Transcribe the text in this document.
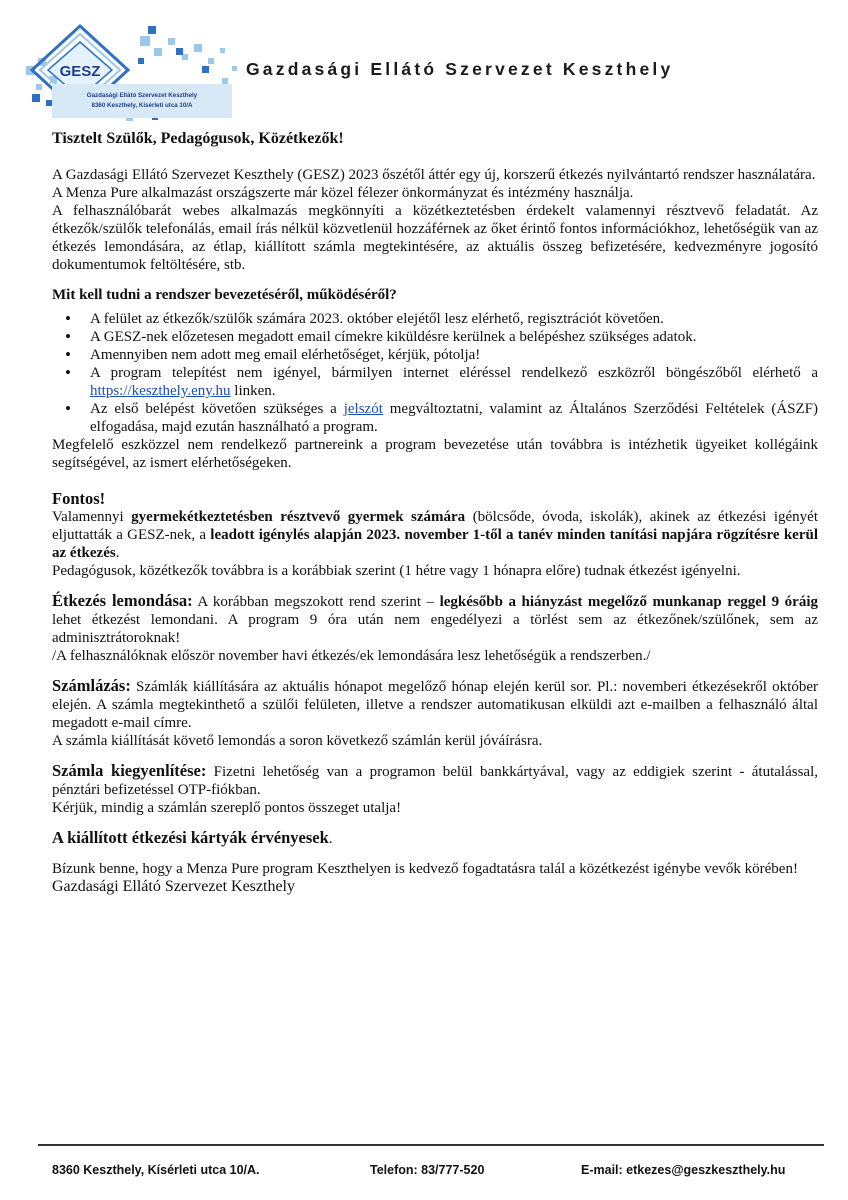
GESZ
Gazdasági Ellátó Szervezet Keszthely
8360 Keszthely, Kísérleti utca 10/A
Gazdasági Ellátó Szervezet Keszthely

Tisztelt Szülők, Pedagógusok, Közétkezők!

A Gazdasági Ellátó Szervezet Keszthely (GESZ) 2023 őszétől áttér egy új, korszerű étkezés nyilvántartó rendszer használatára.

A Menza Pure alkalmazást országszerte már közel félezer önkormányzat és intézmény használja.

A felhasználóbarát webes alkalmazás megkönnyíti a közétkeztetésben érdekelt valamennyi résztvevő feladatát. Az étkezők/szülők telefonálás, email írás nélkül közvetlenül hozzáférnek az őket érintő fontos információkhoz, lehetőségük van az étkezés lemondására, az étlap, kiállított számla megtekintésére, az aktuális összeg befizetésére, kedvezményre jogosító dokumentumok feltöltésére, stb.

Mit kell tudni a rendszer bevezetéséről, működéséről?
• A felület az étkezők/szülők számára 2023. október elejétől lesz elérhető, regisztrációt követően.
• A GESZ-nek előzetesen megadott email címekre kiküldésre kerülnek a belépéshez szükséges adatok.
• Amennyiben nem adott meg email elérhetőséget, kérjük, pótolja!
• A program telepítést nem igényel, bármilyen internet eléréssel rendelkező eszközről böngészőből elérhető a https://keszthely.eny.hu linken.
• Az első belépést követően szükséges a jelszót megváltoztatni, valamint az Általános Szerződési Feltételek (ÁSZF) elfogadása, majd ezután használható a program.

Megfelelő eszközzel nem rendelkező partnereink a program bevezetése után továbbra is intézhetik ügyeiket kollégáink segítségével, az ismert elérhetőségeken.

Fontos!

Valamennyi gyermekétkeztetésben résztvevő gyermek számára (bölcsőde, óvoda, iskolák), akinek az étkezési igényét eljuttatták a GESZ-nek, a leadott igénylés alapján 2023. november 1-től a tanév minden tanítási napjára rögzítésre kerül az étkezés.

Pedagógusok, közétkezők továbbra is a korábbiak szerint (1 hétre vagy 1 hónapra előre) tudnak étkezést igényelni.

Étkezés lemondása: A korábban megszokott rend szerint – legkésőbb a hiányzást megelőző munkanap reggel 9 óráig lehet étkezést lemondani. A program 9 óra után nem engedélyezi a törlést sem az étkezőnek/szülőnek, sem az adminisztrátoroknak!

/A felhasználóknak először november havi étkezés/ek lemondására lesz lehetőségük a rendszerben./

Számlázás: Számlák kiállítására az aktuális hónapot megelőző hónap elején kerül sor. Pl.: novemberi étkezésekről október elején. A számla megtekinthető a szülői felületen, illetve a rendszer automatikusan elküldi azt e-mailben a felhasználó által megadott e-mail címre.

A számla kiállítását követő lemondás a soron következő számlán kerül jóváírásra.

Számla kiegyenlítése: Fizetni lehetőség van a programon belül bankkártyával, vagy az eddigiek szerint - átutalással, pénztári befizetéssel OTP-fiókban.

Kérjük, mindig a számlán szereplő pontos összeget utalja!

A kiállított étkezési kártyák érvényesek.

Bízunk benne, hogy a Menza Pure program Keszthelyen is kedvező fogadtatásra talál a közétkezést igénybe vevők körében!

Gazdasági Ellátó Szervezet Keszthely

8360 Keszthely, Kísérleti utca 10/A.	Telefon: 83/777-520	E-mail: etkezes@geszkeszthely.hu
